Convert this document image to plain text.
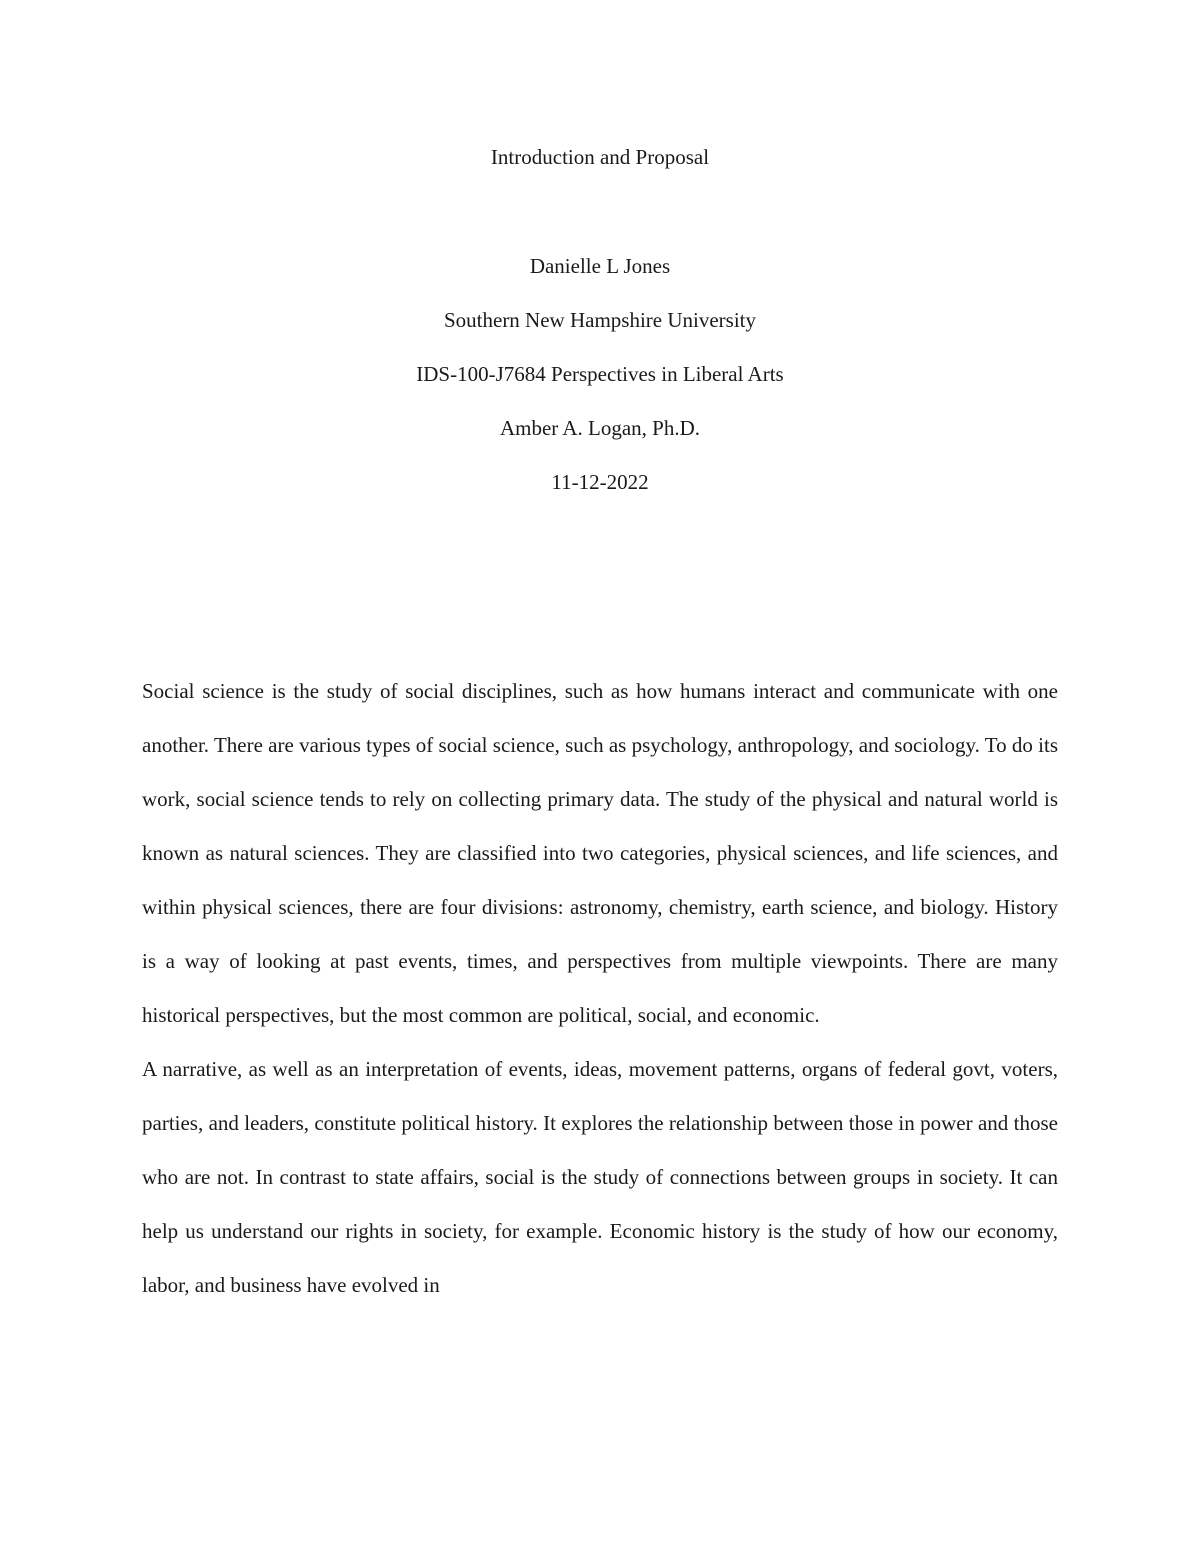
Introduction and Proposal

Danielle L Jones

Southern New Hampshire University

IDS-100-J7684 Perspectives in Liberal Arts

Amber A. Logan, Ph.D.

11-12-2022

Social science is the study of social disciplines, such as how humans interact and communicate with one another. There are various types of social science, such as psychology, anthropology, and sociology. To do its work, social science tends to rely on collecting primary data. The study of the physical and natural world is known as natural sciences. They are classified into two categories, physical sciences, and life sciences, and within physical sciences, there are four divisions: astronomy, chemistry, earth science, and biology. History is a way of looking at past events, times, and perspectives from multiple viewpoints. There are many historical perspectives, but the most common are political, social, and economic.

A narrative, as well as an interpretation of events, ideas, movement patterns, organs of federal govt, voters, parties, and leaders, constitute political history. It explores the relationship between those in power and those who are not. In contrast to state affairs, social is the study of connections between groups in society. It can help us understand our rights in society, for example. Economic history is the study of how our economy, labor, and business have evolved in
